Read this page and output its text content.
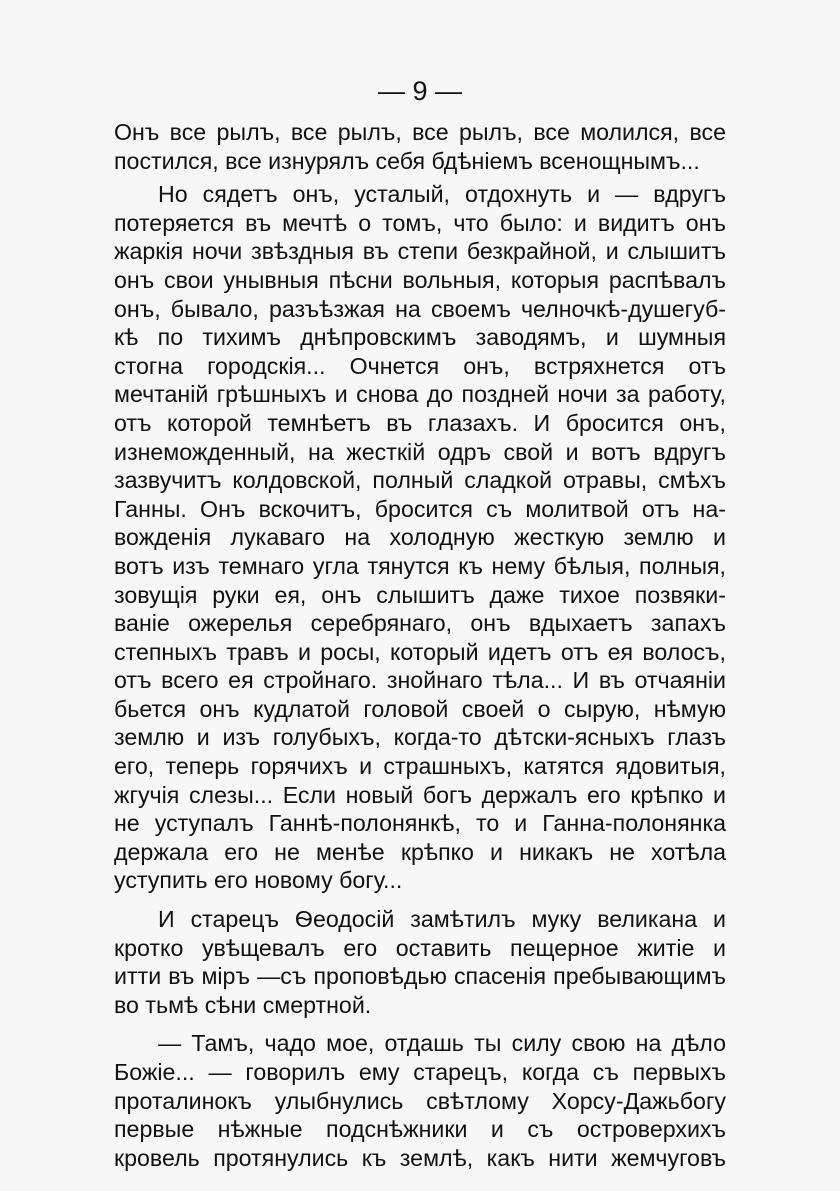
— 9 —
Онъ все рылъ, все рылъ, все рылъ, все молился, все
постился, все изнурялъ себя бдѣніемъ всенощнымъ...
Но сядетъ онъ, усталый, отдохнуть и — вдругъ
потеряется въ мечтѣ о томъ, что было: и видитъ онъ
жаркія ночи звѣздныя въ степи безкрайной, и слышитъ
онъ свои унывныя пѣсни вольныя, которыя распѣвалъ
онъ, бывало, разъѣзжая на своемъ челночкѣ-душегуб-
кѣ по тихимъ днѣпровскимъ заводямъ, и шумныя
стогна городскія... Очнется онъ, встряхнется отъ
мечтаній грѣшныхъ и снова до поздней ночи за работу,
отъ которой темнѣетъ въ глазахъ. И бросится онъ,
изнеможденный, на жесткій одръ свой и вотъ вдругъ
зазвучитъ колдовской, полный сладкой отравы, смѣхъ
Ганны. Онъ вскочитъ, бросится съ молитвой отъ на-
вожденія лукаваго на холодную жесткую землю и
вотъ изъ темнаго угла тянутся къ нему бѣлыя, полныя,
зовущія руки ея, онъ слышитъ даже тихое позвяки-
ваніе ожерелья серебрянаго, онъ вдыхаетъ запахъ
степныхъ травъ и росы, который идетъ отъ ея волосъ,
отъ всего ея стройнаго. знойнаго тѣла... И въ отчаяніи
бьется онъ кудлатой головой своей о сырую, нѣмую
землю и изъ голубыхъ, когда-то дѣтски-ясныхъ глазъ
его, теперь горячихъ и страшныхъ, катятся ядовитыя,
жгучія слезы... Если новый богъ держалъ его крѣпко и
не уступалъ Ганнѣ-полонянкѣ, то и Ганна-полонянка
держала его не менѣе крѣпко и никакъ не хотѣла
уступить его новому богу...
И старецъ Ѳеодосій замѣтилъ муку великана и
кротко увѣщевалъ его оставить пещерное житіе и
итти въ міръ —съ проповѣдью спасенія пребывающимъ
во тьмѣ сѣни смертной.
— Тамъ, чадо мое, отдашь ты силу свою на дѣло
Божіе... — говорилъ ему старецъ, когда съ первыхъ
проталинокъ улыбнулись свѣтлому Хорсу-Дажьбогу
первые нѣжные подснѣжники и съ островерхихъ
кровель протянулись къ землѣ, какъ нити жемчуговъ
